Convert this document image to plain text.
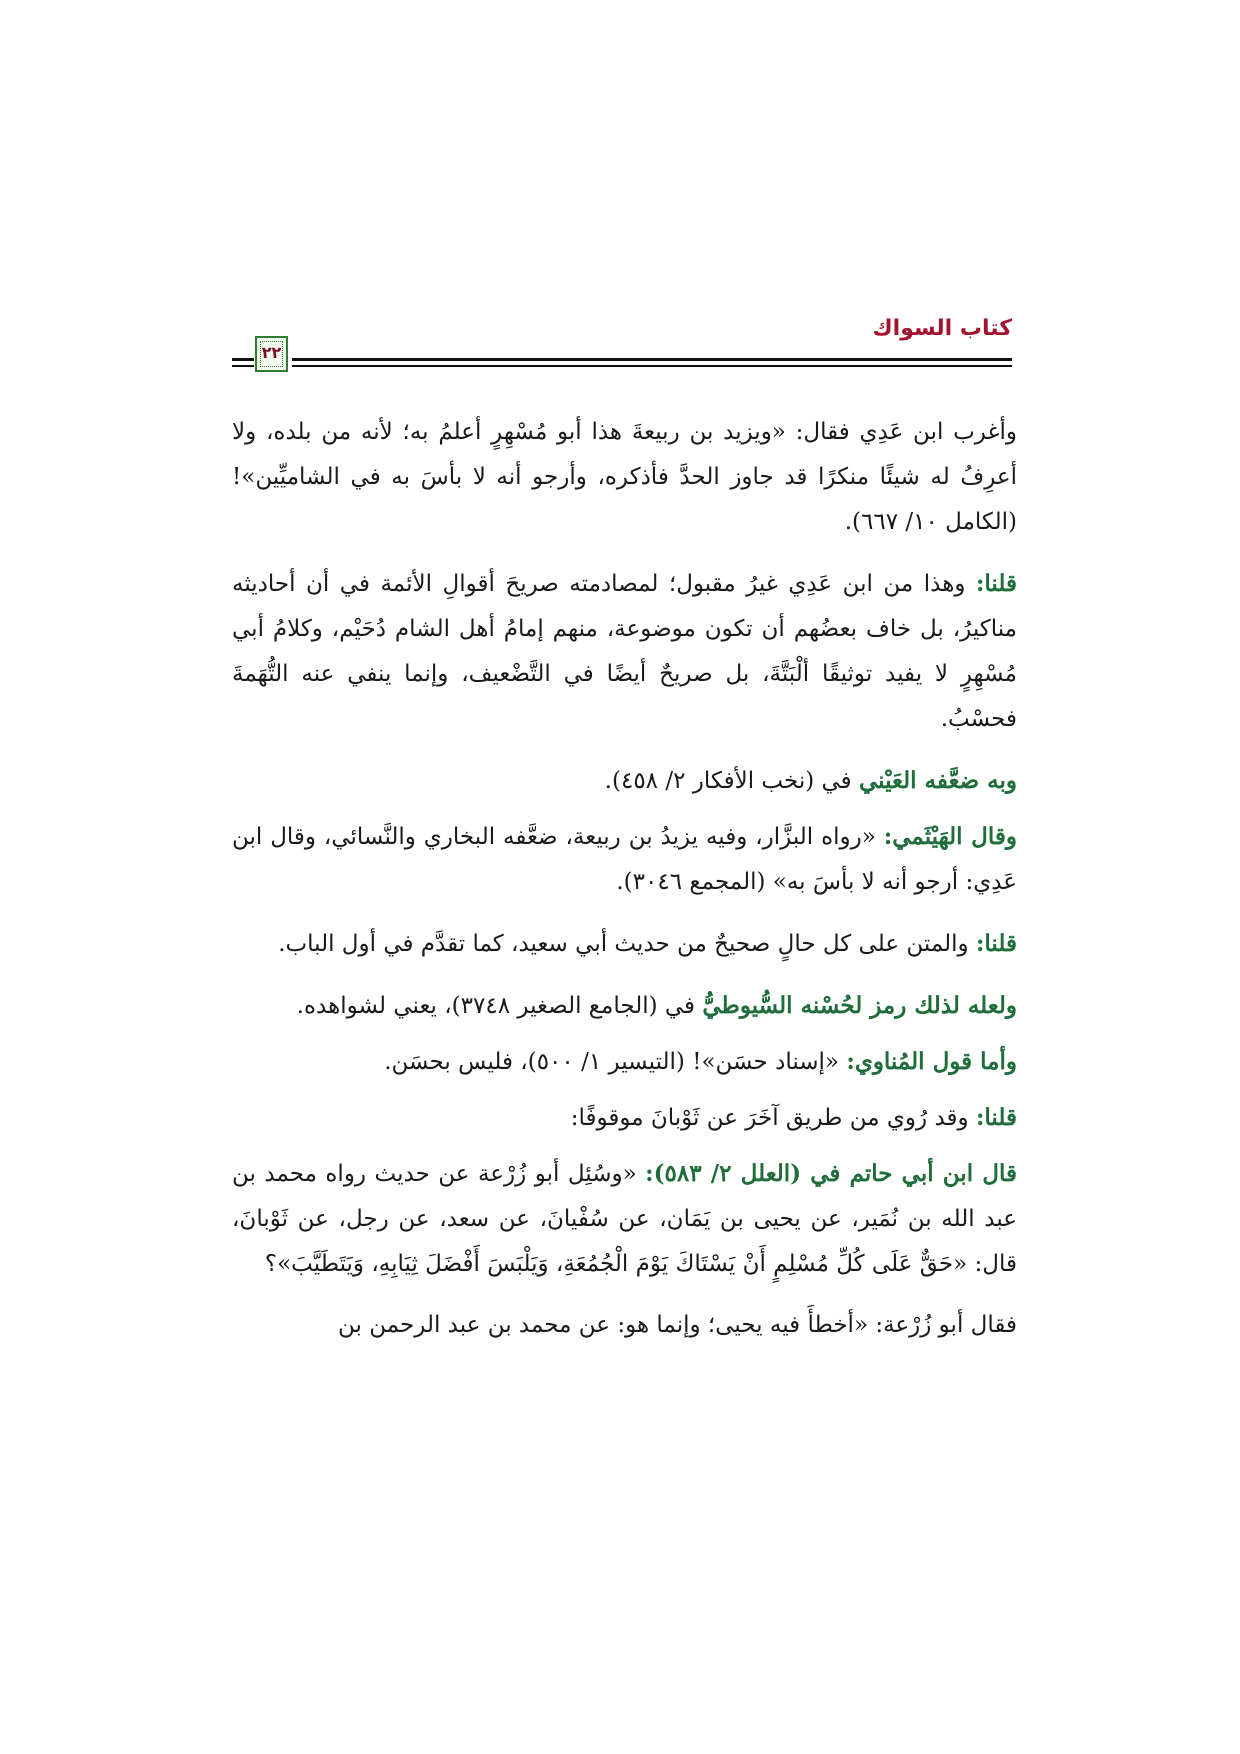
كتاب السواك
٢٢

وأغرب ابن عَدِي فقال: «ويزيد بن ربيعةَ هذا أبو مُسْهِرٍ أعلمُ به؛ لأنه من بلده، ولا أعرِفُ له شيئًا منكرًا قد جاوز الحدَّ فأذكره، وأرجو أنه لا بأسَ به في الشاميِّين»! (الكامل ١٠/ ٦٦٧).

قلنا: وهذا من ابن عَدِي غيرُ مقبول؛ لمصادمته صريحَ أقوالِ الأئمة في أن أحاديثه مناكيرُ، بل خاف بعضُهم أن تكون موضوعة، منهم إمامُ أهل الشام دُحَيْم، وكلامُ أبي مُسْهِرٍ لا يفيد توثيقًا ألْبَتَّةَ، بل صريحٌ أيضًا في التَّضْعيف، وإنما ينفي عنه التُّهَمةَ فحسْبُ.

وبه ضعَّفه العَيْني في (نخب الأفكار ٢/ ٤٥٨).

وقال الهَيْثَمي: «رواه البزَّار، وفيه يزيدُ بن ربيعة، ضعَّفه البخاري والنَّسائي، وقال ابن عَدِي: أرجو أنه لا بأسَ به» (المجمع ٣٠٤٦).

قلنا: والمتن على كل حالٍ صحيحٌ من حديث أبي سعيد، كما تقدَّم في أول الباب.

ولعله لذلك رمز لحُسْنه السُّيوطيُّ في (الجامع الصغير ٣٧٤٨)، يعني لشواهده.

وأما قول المُناوي: «إسناد حسَن»! (التيسير ١/ ٥٠٠)، فليس بحسَن.

قلنا: وقد رُوي من طريق آخَرَ عن ثَوْبانَ موقوفًا:

قال ابن أبي حاتم في (العلل ٢/ ٥٨٣): «وسُئِل أبو زُرْعة عن حديث رواه محمد بن عبد الله بن نُمَير، عن يحيى بن يَمَان، عن سُفْيانَ، عن سعد، عن رجل، عن ثَوْبانَ، قال: «حَقٌّ عَلَى كُلِّ مُسْلِمٍ أَنْ يَسْتَاكَ يَوْمَ الْجُمُعَةِ، وَيَلْبَسَ أَفْضَلَ ثِيَابِهِ، وَيَتَطَيَّبَ»؟

فقال أبو زُرْعة: «أخطأَ فيه يحيى؛ وإنما هو: عن محمد بن عبد الرحمن بن
